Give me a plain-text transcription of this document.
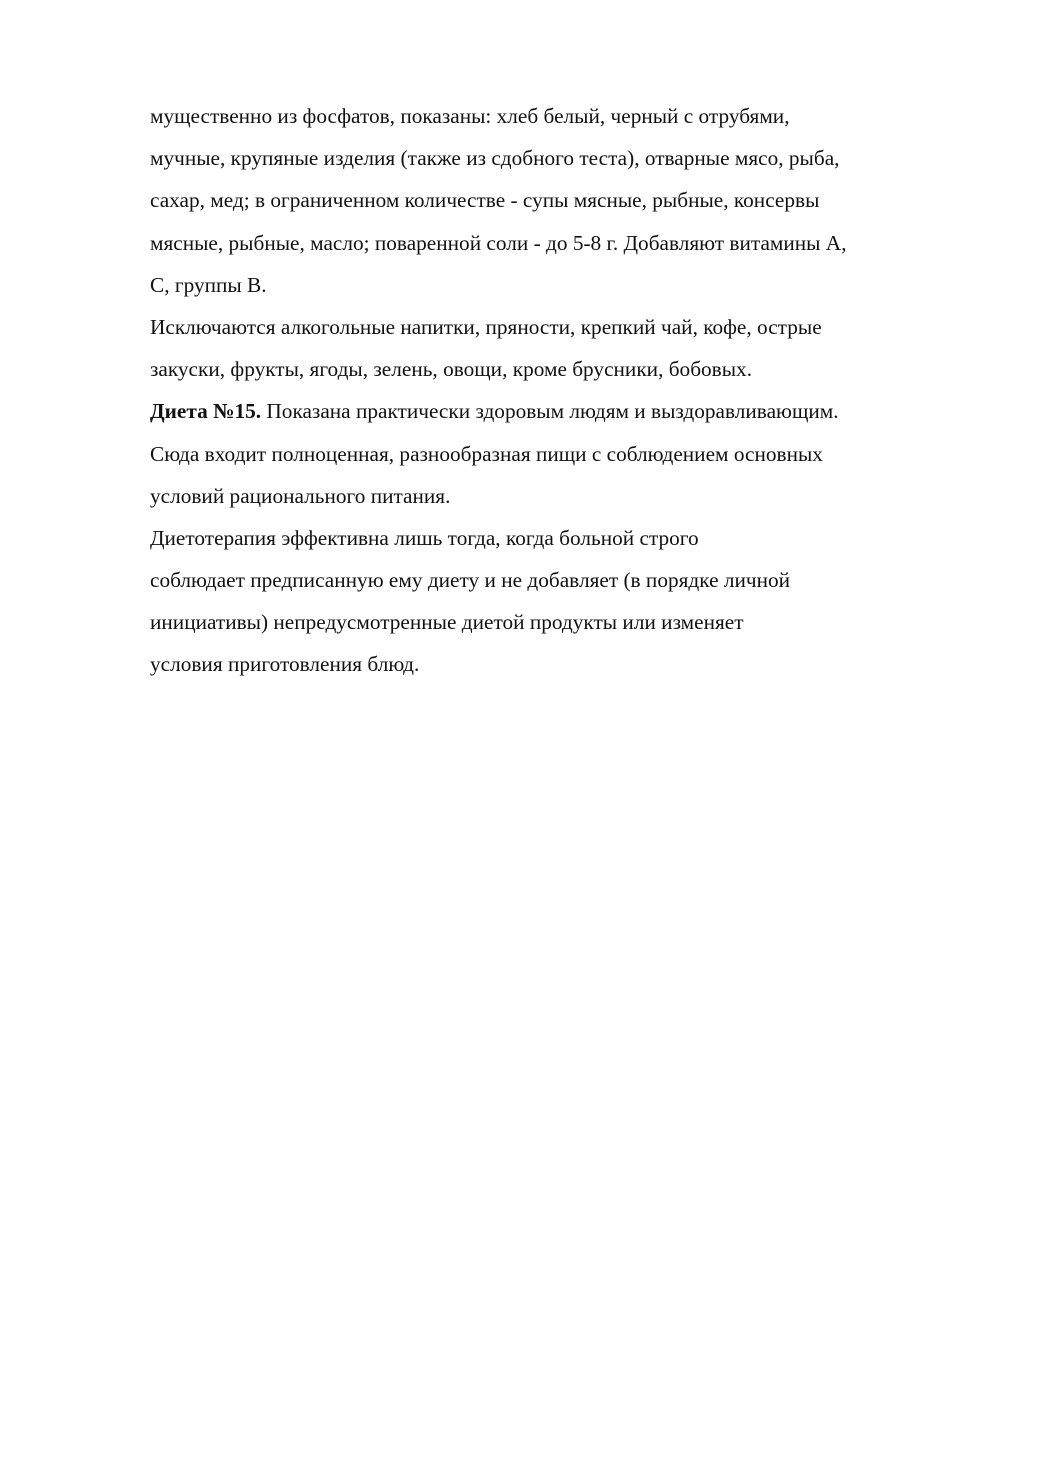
мущественно из фосфатов, показаны: хлеб белый, черный с отрубями,
мучные, крупяные изделия (также из сдобного теста), отварные мясо, рыба,
сахар, мед; в ограниченном количестве - супы мясные, рыбные, консервы
мясные, рыбные, масло; поваренной соли - до 5-8 г. Добавляют витамины А,
С, группы В.
Исключаются алкогольные напитки, пряности, крепкий чай, кофе, острые
закуски, фрукты, ягоды, зелень, овощи, кроме брусники, бобовых.
Диета №15. Показана практически здоровым людям и выздоравливающим.
Сюда входит полноценная, разнообразная пищи с соблюдением основных
условий рационального питания.
Диетотерапия эффективна лишь тогда, когда больной строго
соблюдает предписанную ему диету и не добавляет (в порядке личной
инициативы) непредусмотренные диетой продукты или изменяет
условия приготовления блюд.
